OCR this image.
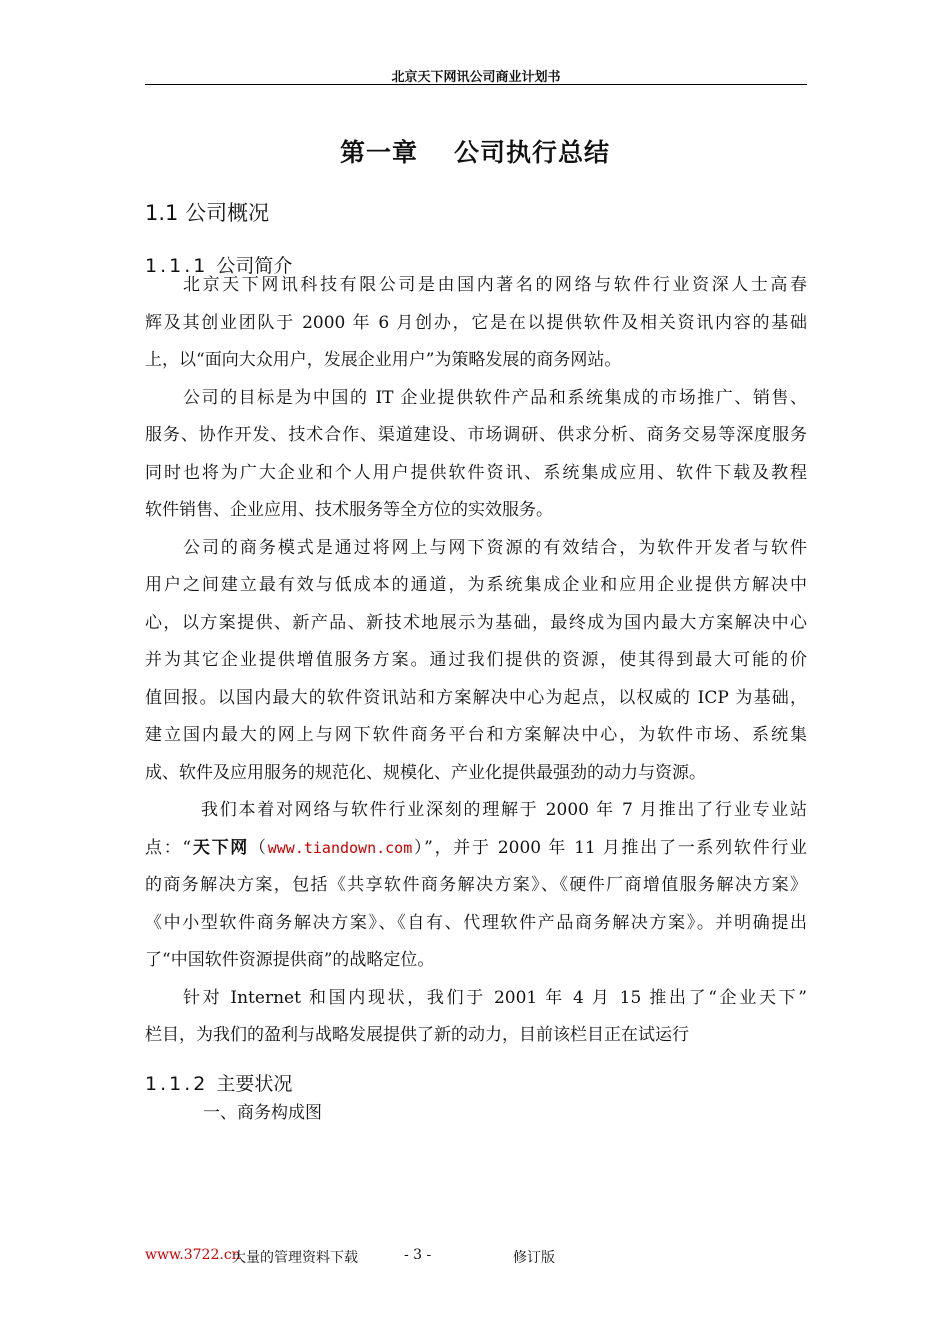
北京天下网讯公司商业计划书
第一章 公司执行总结
1.1 公司概况
1.1.1 公司简介

北京天下网讯科技有限公司是由国内著名的网络与软件行业资深人士高春
辉及其创业团队于 2000 年 6 月创办，它是在以提供软件及相关资讯内容的基础
上，以“面向大众用户，发展企业用户”为策略发展的商务网站。

公司的目标是为中国的 IT 企业提供软件产品和系统集成的市场推广、销售、
服务、协作开发、技术合作、渠道建设、市场调研、供求分析、商务交易等深度服务
同时也将为广大企业和个人用户提供软件资讯、系统集成应用、软件下载及教程
软件销售、企业应用、技术服务等全方位的实效服务。

公司的商务模式是通过将网上与网下资源的有效结合，为软件开发者与软件
用户之间建立最有效与低成本的通道，为系统集成企业和应用企业提供方解决中
心，以方案提供、新产品、新技术地展示为基础，最终成为国内最大方案解决中心
并为其它企业提供增值服务方案。通过我们提供的资源，使其得到最大可能的价
值回报。以国内最大的软件资讯站和方案解决中心为起点，以权威的 ICP 为基础，
建立国内最大的网上与网下软件商务平台和方案解决中心，为软件市场、系统集
成、软件及应用服务的规范化、规模化、产业化提供最强劲的动力与资源。

我们本着对网络与软件行业深刻的理解于 2000 年 7 月推出了行业专业站
点：“天下网（www.tiandown.com）”，并于 2000 年 11 月推出了一系列软件行业
的商务解决方案，包括《共享软件商务解决方案》、《硬件厂商增值服务解决方案》
《中小型软件商务解决方案》、《自有、代理软件产品商务解决方案》。并明确提出
了“中国软件资源提供商”的战略定位。

针对 Internet 和国内现状，我们于 2001 年 4 月 15 推出了“企业天下”
栏目，为我们的盈利与战略发展提供了新的动力，目前该栏目正在试运行

1.1.2 主要状况
一、商务构成图
www.3722.cn
大量的管理资料下载	- 3 -	修订版
